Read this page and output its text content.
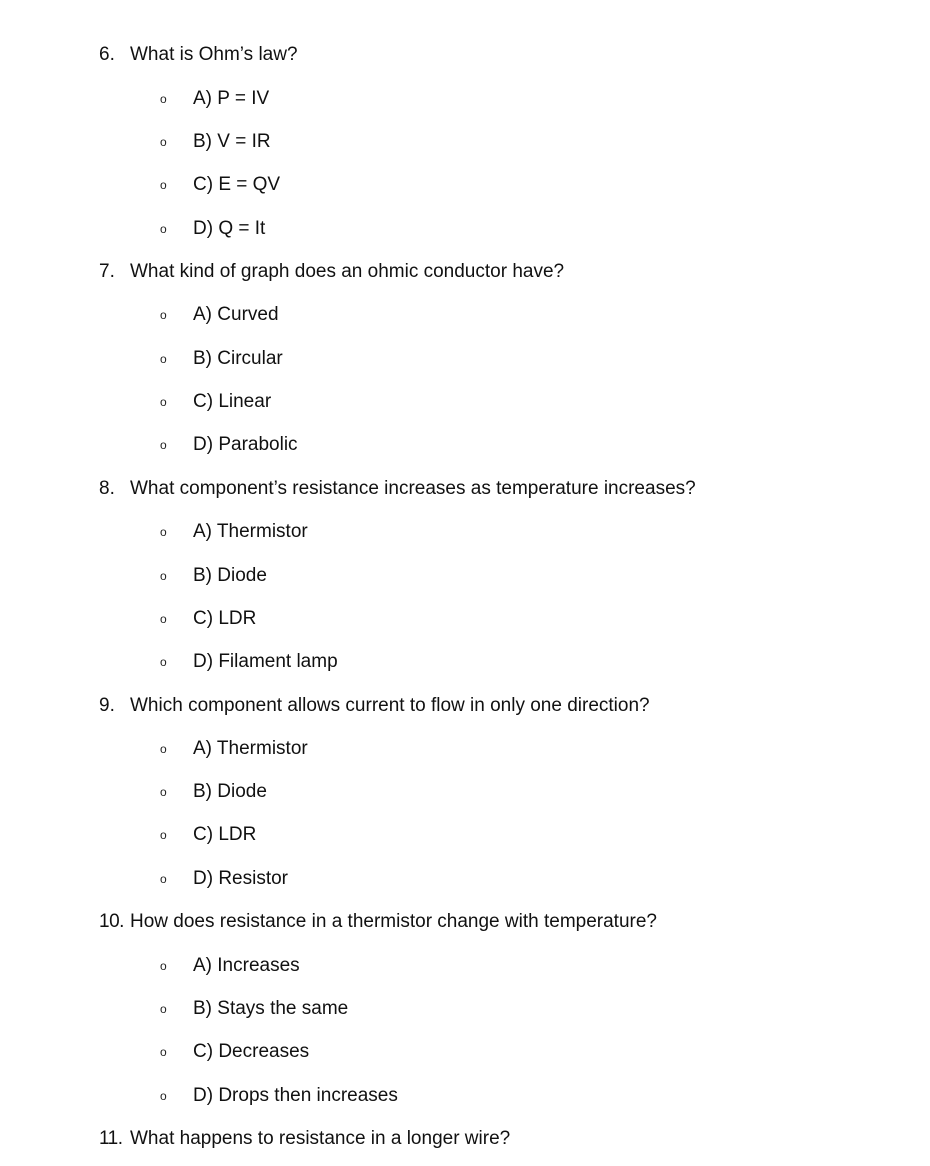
6. What is Ohm’s law?
o A) P = IV
o B) V = IR
o C) E = QV
o D) Q = It
7. What kind of graph does an ohmic conductor have?
o A) Curved
o B) Circular
o C) Linear
o D) Parabolic
8. What component’s resistance increases as temperature increases?
o A) Thermistor
o B) Diode
o C) LDR
o D) Filament lamp
9. Which component allows current to flow in only one direction?
o A) Thermistor
o B) Diode
o C) LDR
o D) Resistor
10. How does resistance in a thermistor change with temperature?
o A) Increases
o B) Stays the same
o C) Decreases
o D) Drops then increases
11. What happens to resistance in a longer wire?
